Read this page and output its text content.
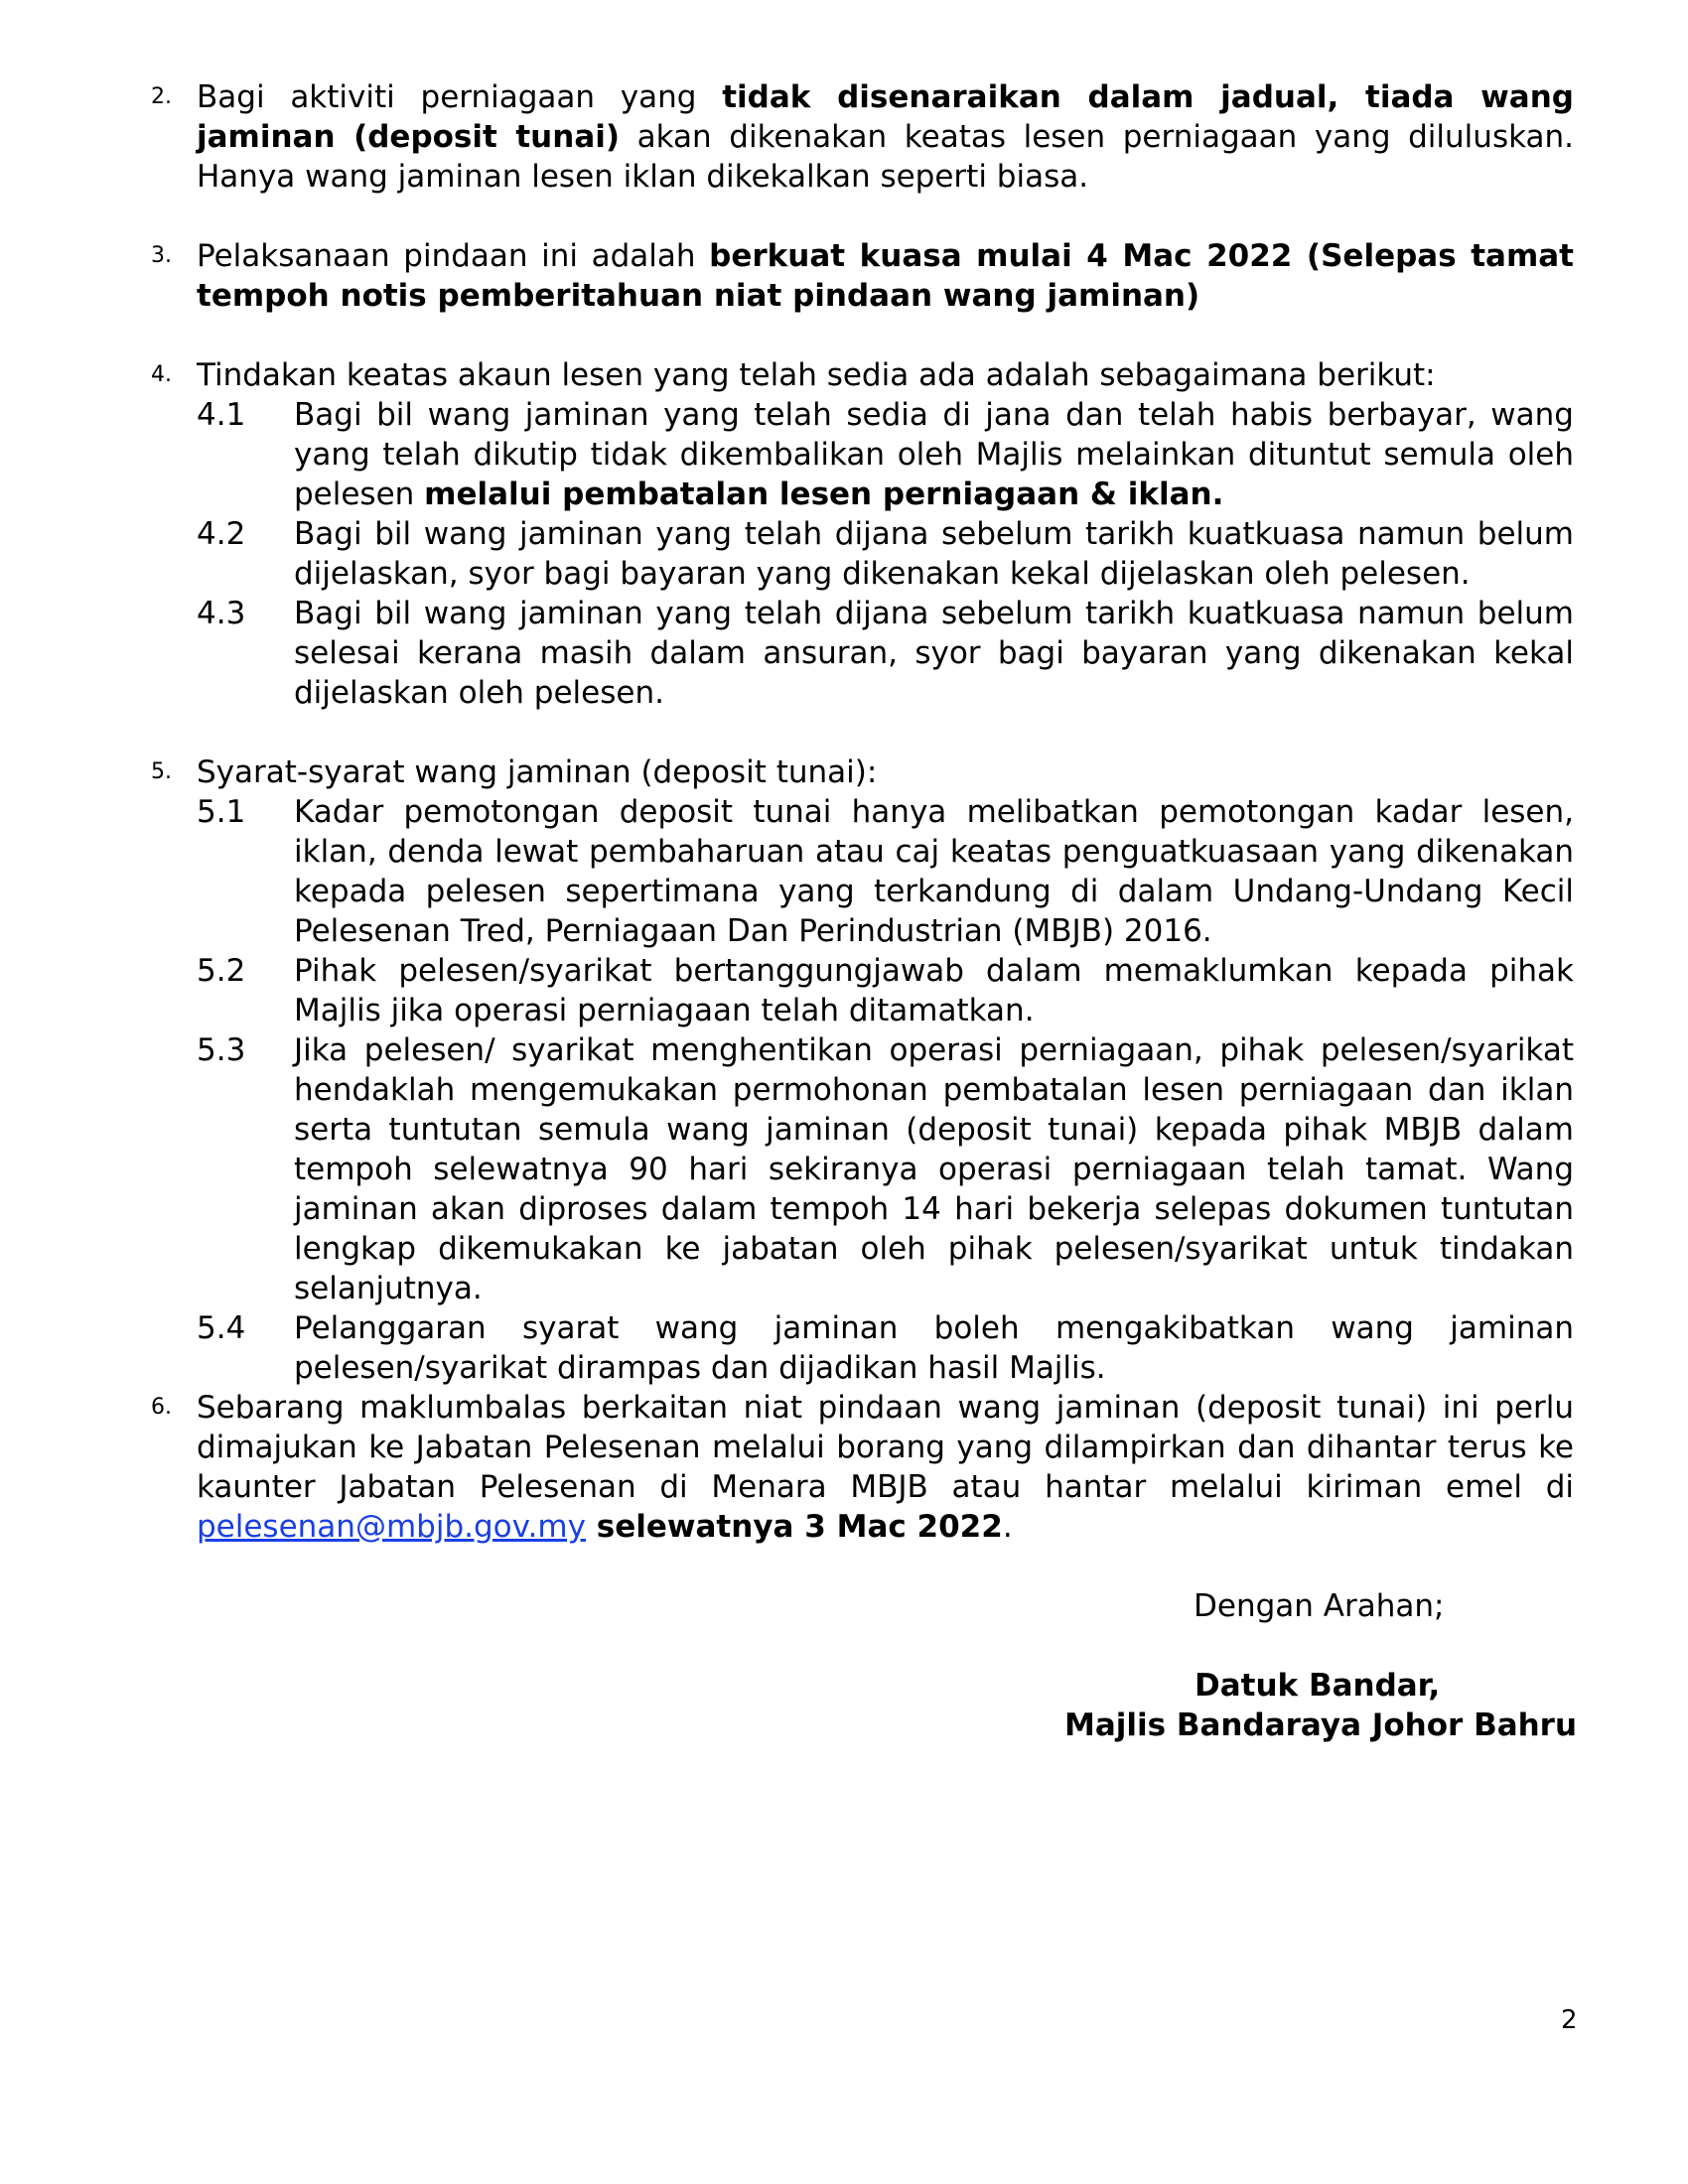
2. Bagi aktiviti perniagaan yang tidak disenaraikan dalam jadual, tiada wang jaminan (deposit tunai) akan dikenakan keatas lesen perniagaan yang diluluskan. Hanya wang jaminan lesen iklan dikekalkan seperti biasa.
3. Pelaksanaan pindaan ini adalah berkuat kuasa mulai 4 Mac 2022 (Selepas tamat tempoh notis pemberitahuan niat pindaan wang jaminan)
4. Tindakan keatas akaun lesen yang telah sedia ada adalah sebagaimana berikut:
4.1	Bagi bil wang jaminan yang telah sedia di jana dan telah habis berbayar, wang yang telah dikutip tidak dikembalikan oleh Majlis melainkan dituntut semula oleh pelesen melalui pembatalan lesen perniagaan & iklan.
4.2	Bagi bil wang jaminan yang telah dijana sebelum tarikh kuatkuasa namun belum dijelaskan, syor bagi bayaran yang dikenakan kekal dijelaskan oleh pelesen.
4.3	Bagi bil wang jaminan yang telah dijana sebelum tarikh kuatkuasa namun belum selesai kerana masih dalam ansuran, syor bagi bayaran yang dikenakan kekal dijelaskan oleh pelesen.
5. Syarat-syarat wang jaminan (deposit tunai):
5.1	Kadar pemotongan deposit tunai hanya melibatkan pemotongan kadar lesen, iklan, denda lewat pembaharuan atau caj keatas penguatkuasaan yang dikenakan kepada pelesen sepertimana yang terkandung di dalam Undang-Undang Kecil Pelesenan Tred, Perniagaan Dan Perindustrian (MBJB) 2016.
5.2	Pihak pelesen/syarikat bertanggungjawab dalam memaklumkan kepada pihak Majlis jika operasi perniagaan telah ditamatkan.
5.3	Jika pelesen/ syarikat menghentikan operasi perniagaan, pihak pelesen/syarikat hendaklah mengemukakan permohonan pembatalan lesen perniagaan dan iklan serta tuntutan semula wang jaminan (deposit tunai) kepada pihak MBJB dalam tempoh selewatnya 90 hari sekiranya operasi perniagaan telah tamat. Wang jaminan akan diproses dalam tempoh 14 hari bekerja selepas dokumen tuntutan lengkap dikemukakan ke jabatan oleh pihak pelesen/syarikat untuk tindakan selanjutnya.
5.4	Pelanggaran syarat wang jaminan boleh mengakibatkan wang jaminan pelesen/syarikat dirampas dan dijadikan hasil Majlis.
6. Sebarang maklumbalas berkaitan niat pindaan wang jaminan (deposit tunai) ini perlu dimajukan ke Jabatan Pelesenan melalui borang yang dilampirkan dan dihantar terus ke kaunter Jabatan Pelesenan di Menara MBJB atau hantar melalui kiriman emel di pelesenan@mbjb.gov.my selewatnya 3 Mac 2022.
Dengan Arahan;
Datuk Bandar,
Majlis Bandaraya Johor Bahru
2
